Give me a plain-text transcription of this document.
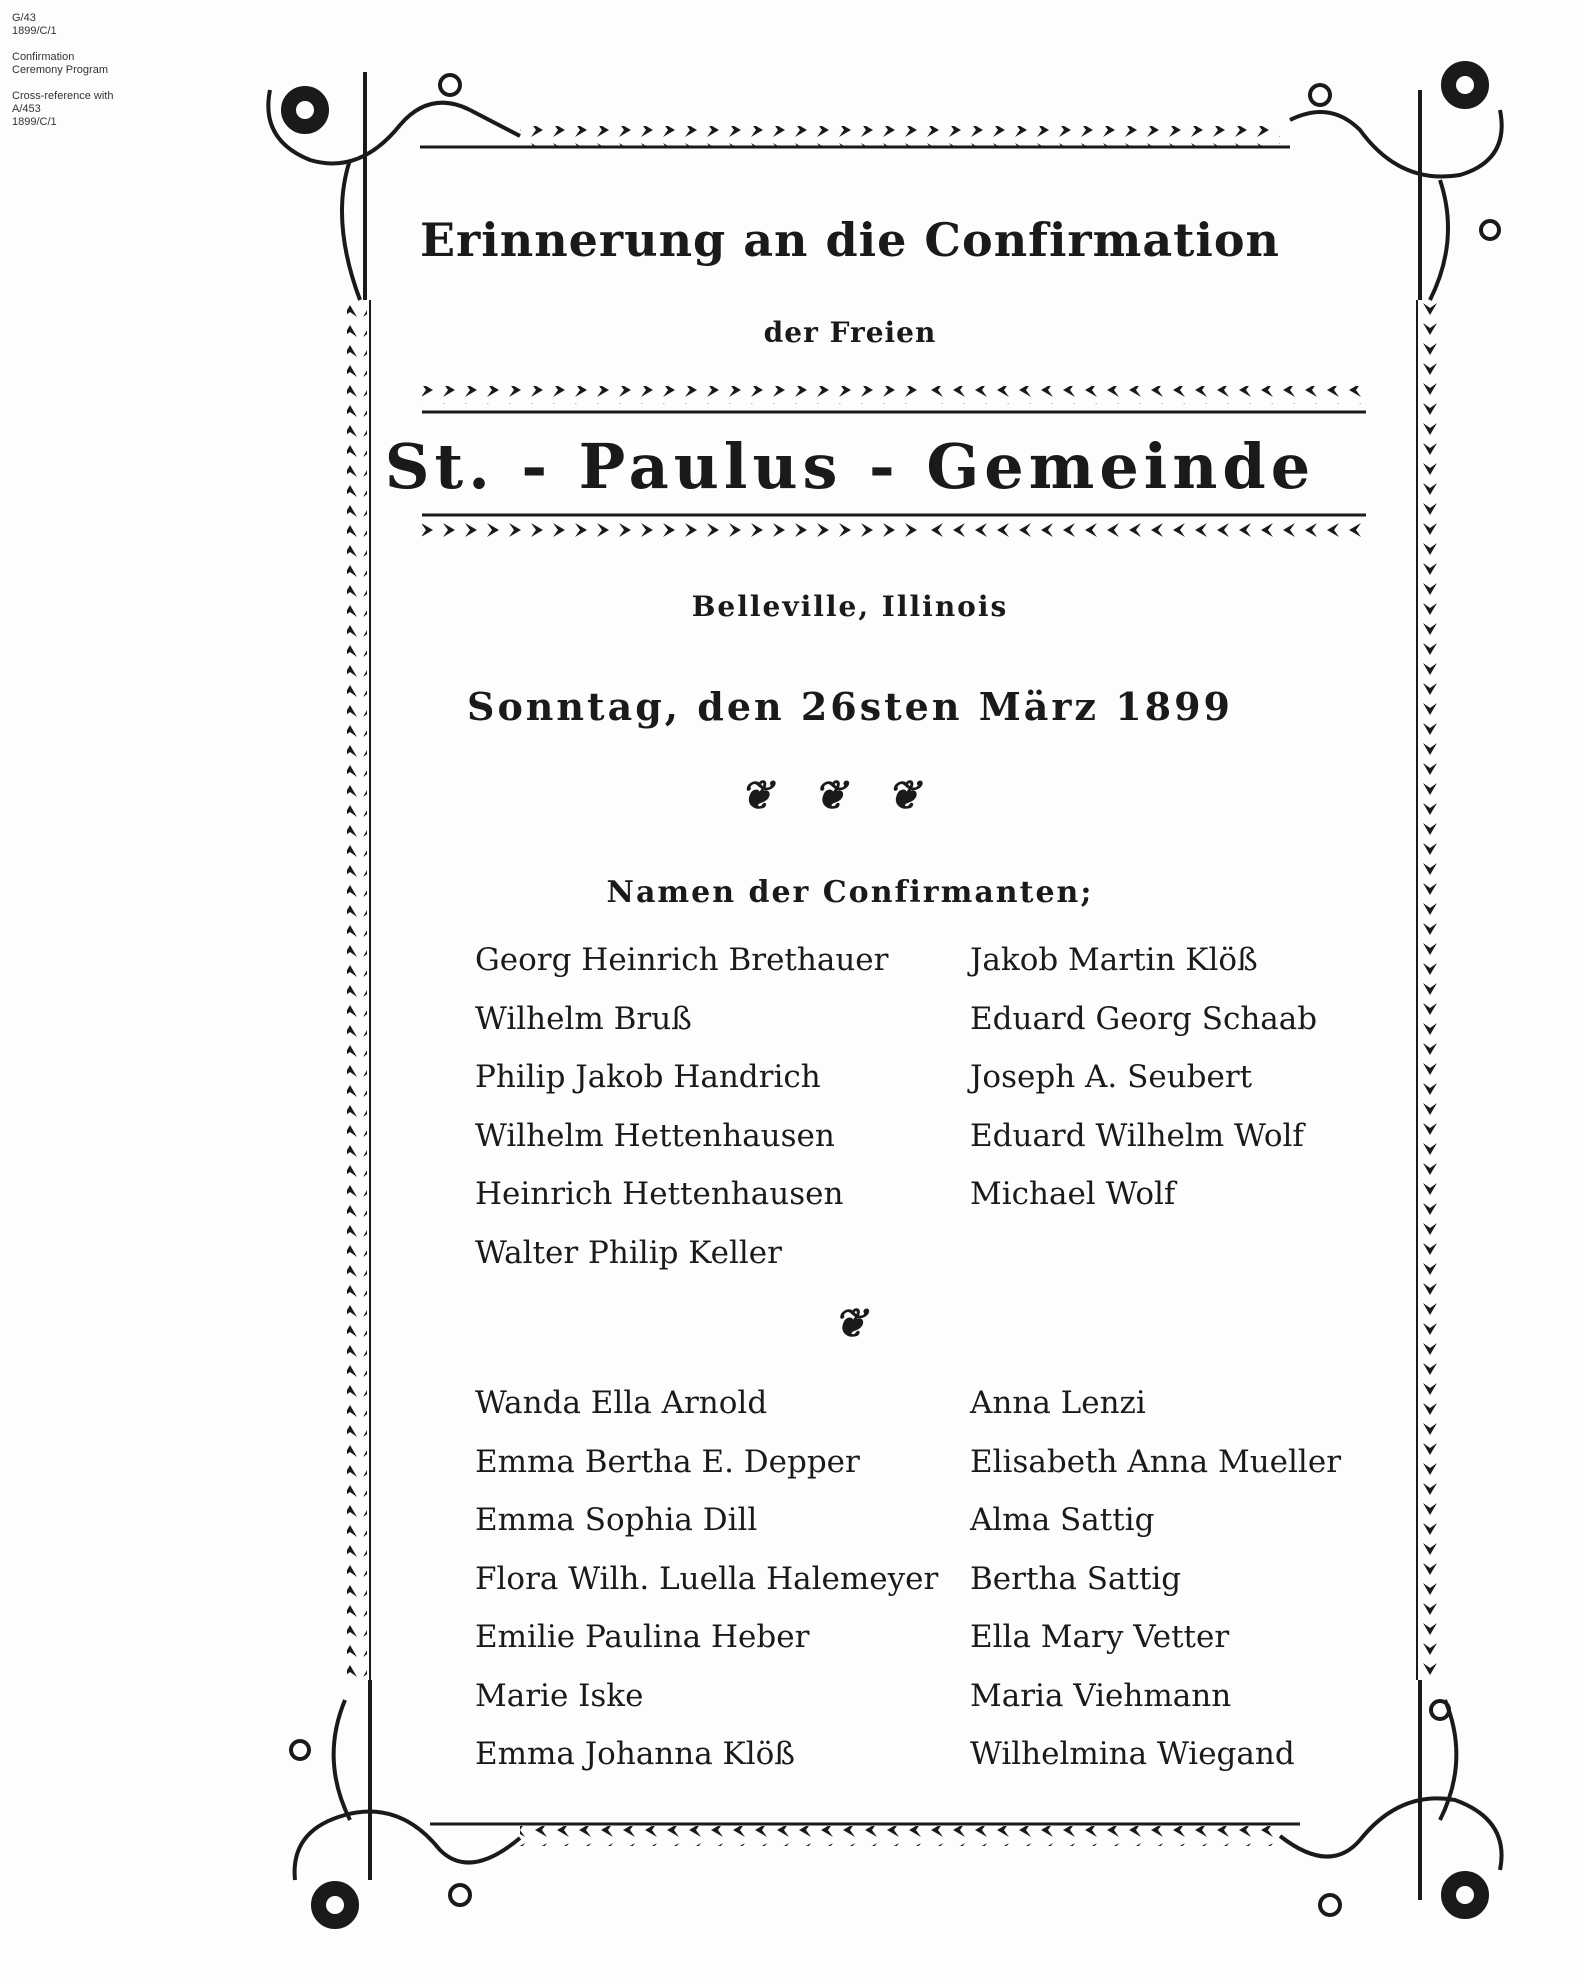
G/43
1899/C/1
Confirmation
Ceremony Program
Cross-reference with
A/453
1899/C/1
Erinnerung an die Confirmation
der Freien
St. - Paulus - Gemeinde
Belleville, Illinois
Sonntag, den 26sten März 1899
❦❦❦
Namen der Confirmanten;
Georg Heinrich Brethauer	Jakob Martin Klöß
Wilhelm Bruß	Eduard Georg Schaab
Philip Jakob Handrich	Joseph A. Seubert
Wilhelm Hettenhausen	Eduard Wilhelm Wolf
Heinrich Hettenhausen	Michael Wolf
Walter Philip Keller
❦
Wanda Ella Arnold	Anna Lenzi
Emma Bertha E. Depper	Elisabeth Anna Mueller
Emma Sophia Dill	Alma Sattig
Flora Wilh. Luella Halemeyer	Bertha Sattig
Emilie Paulina Heber	Ella Mary Vetter
Marie Iske	Maria Viehmann
Emma Johanna Klöß	Wilhelmina Wiegand
